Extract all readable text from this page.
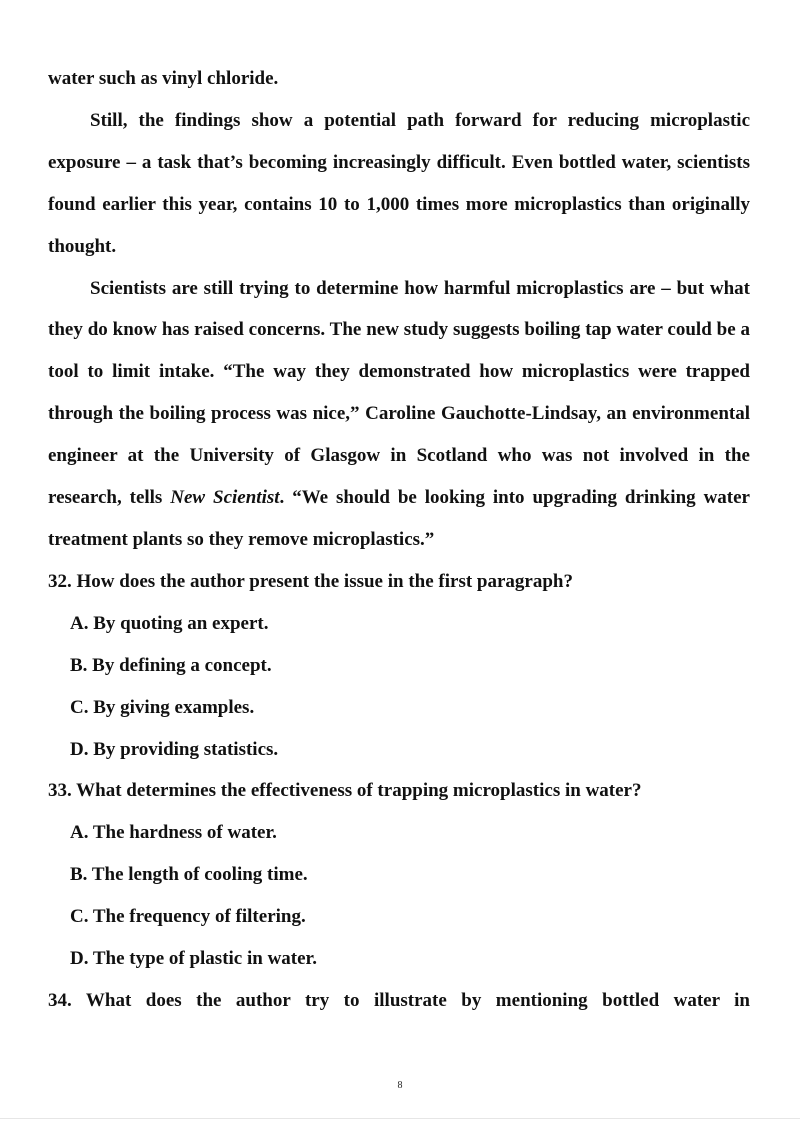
water such as vinyl chloride.

Still, the findings show a potential path forward for reducing microplastic exposure – a task that’s becoming increasingly difficult. Even bottled water, scientists found earlier this year, contains 10 to 1,000 times more microplastics than originally thought.

Scientists are still trying to determine how harmful microplastics are – but what they do know has raised concerns. The new study suggests boiling tap water could be a tool to limit intake. “The way they demonstrated how microplastics were trapped through the boiling process was nice,” Caroline Gauchotte-Lindsay, an environmental engineer at the University of Glasgow in Scotland who was not involved in the research, tells New Scientist. “We should be looking into upgrading drinking water treatment plants so they remove microplastics.”

32. How does the author present the issue in the first paragraph?

A. By quoting an expert.

B. By defining a concept.

C. By giving examples.

D. By providing statistics.

33. What determines the effectiveness of trapping microplastics in water?

A. The hardness of water.

B. The length of cooling time.

C. The frequency of filtering.

D. The type of plastic in water.

34. What does the author try to illustrate by mentioning bottled water in

8
